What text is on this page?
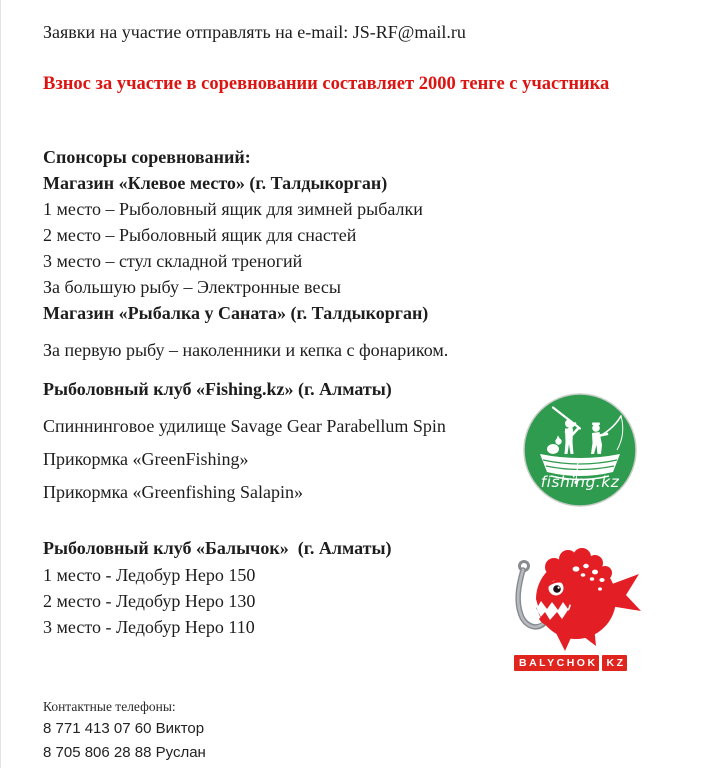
Заявки на участие отправлять на e-mail: JS-RF@mail.ru
Взнос за участие в соревновании составляет 2000 тенге с участника
Спонсоры соревнований:
Магазин «Клевое место» (г. Талдыкорган)
1 место – Рыболовный ящик для зимней рыбалки
2 место – Рыболовный ящик для снастей
3 место – стул складной треногий
За большую рыбу – Электронные весы
Магазин «Рыбалка у Саната» (г. Талдыкорган)
За первую рыбу – наколенники и кепка с фонариком.
Рыболовный клуб «Fishing.kz» (г. Алматы)
Спиннинговое удилище Savage Gear Parabellum Spin
Прикормка «GreenFishing»
Прикормка «Greenfishing Salapin»
Рыболовный клуб «Балычок»  (г. Алматы)
1 место - Ледобур Неро 150
2 место - Ледобур Неро 130
3 место - Ледобур Неро 110
Контактные телефоны:
8 771 413 07 60 Виктор
8 705 806 28 88 Руслан
fishing.kz
BALYCHOK KZ
